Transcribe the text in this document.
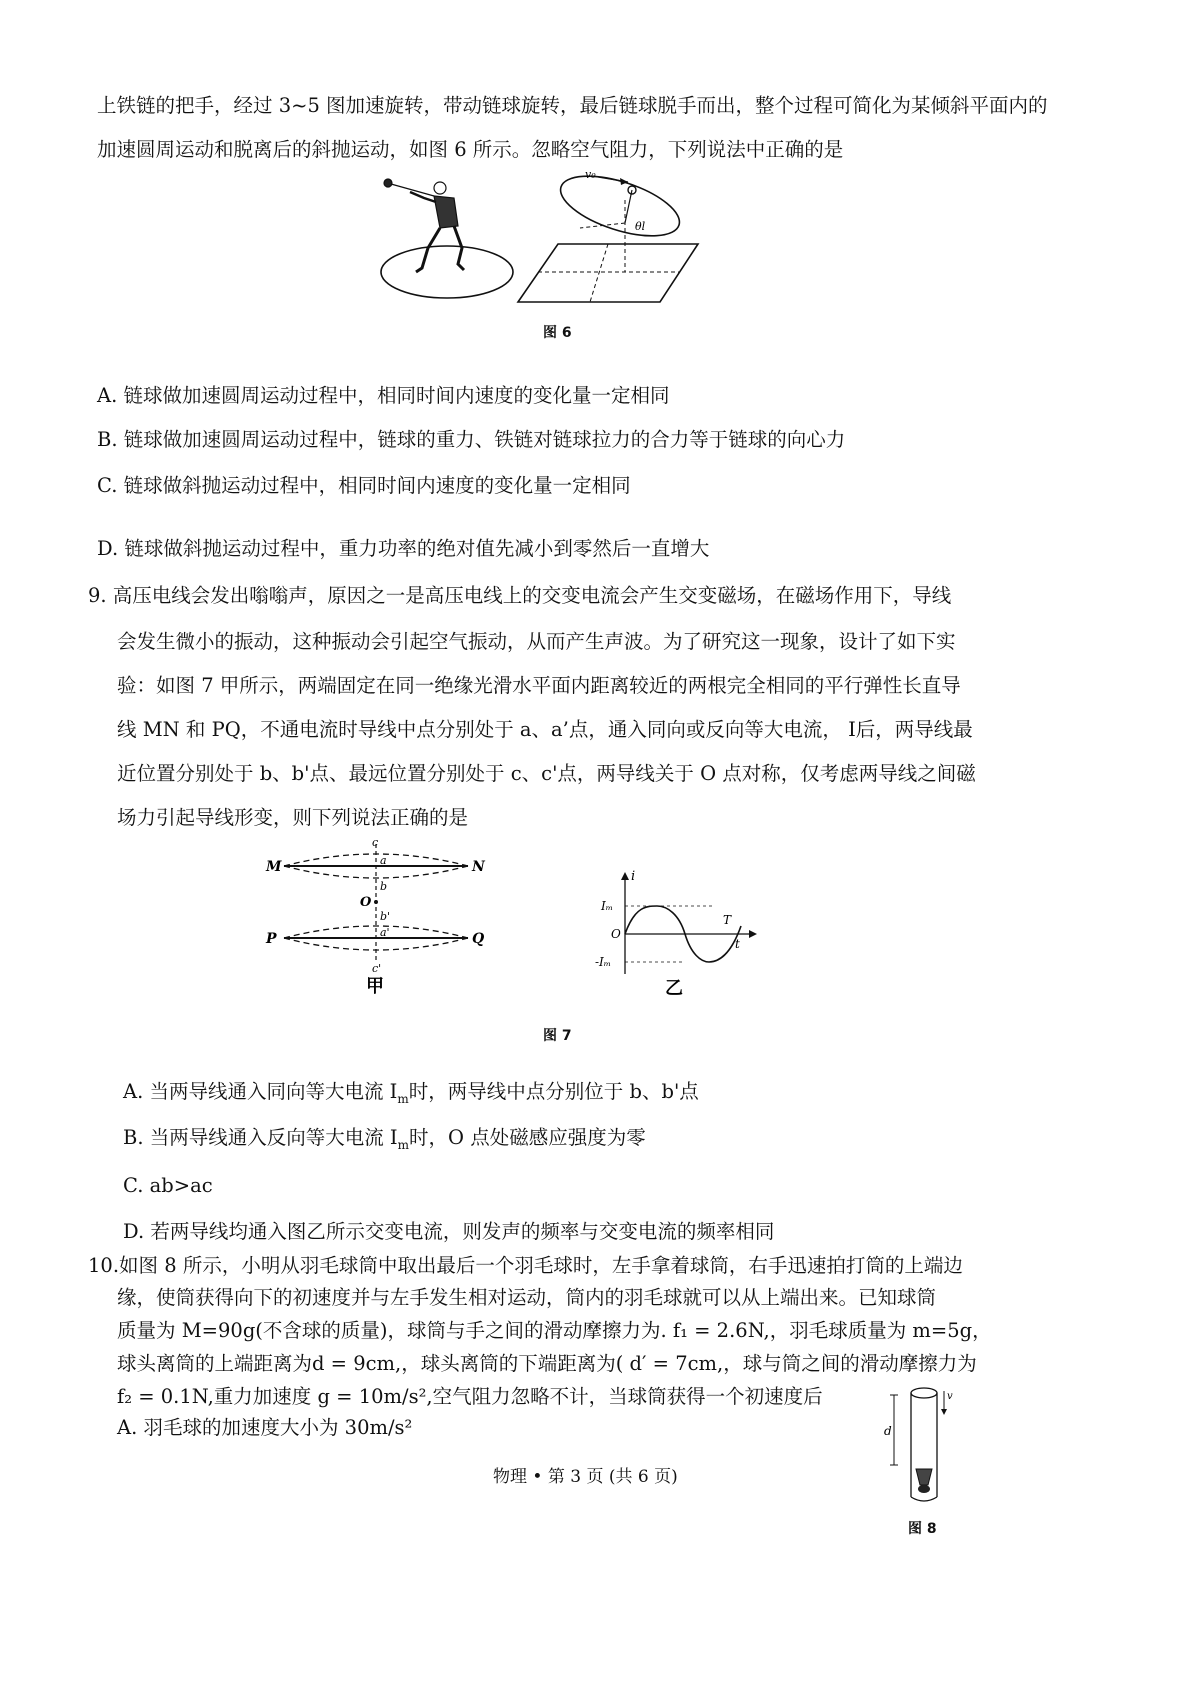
上铁链的把手，经过 3~5 图加速旋转，带动链球旋转，最后链球脱手而出，整个过程可简化为某倾斜平面内的
加速圆周运动和脱离后的斜抛运动，如图 6 所示。忽略空气阻力，下列说法中正确的是
v₀
θl
图 6
A. 链球做加速圆周运动过程中，相同时间内速度的变化量一定相同
B. 链球做加速圆周运动过程中，链球的重力、铁链对链球拉力的合力等于链球的向心力
C. 链球做斜抛运动过程中，相同时间内速度的变化量一定相同
D. 链球做斜抛运动过程中，重力功率的绝对值先减小到零然后一直增大
9. 高压电线会发出嗡嗡声，原因之一是高压电线上的交变电流会产生交变磁场，在磁场作用下，导线
会发生微小的振动，这种振动会引起空气振动，从而产生声波。为了研究这一现象，设计了如下实
验：如图 7 甲所示，两端固定在同一绝缘光滑水平面内距离较近的两根完全相同的平行弹性长直导
线 MN 和 PQ，不通电流时导线中点分别处于 a、a’点，通入同向或反向等大电流， I后，两导线最
近位置分别处于 b、b'点、最远位置分别处于 c、c'点，两导线关于 O 点对称，仅考虑两导线之间磁
场力引起导线形变，则下列说法正确的是
M	N
P	Q
c
a
b
O
b'
a'
c'
甲
i
Iₘ
O
-Iₘ
T
t
乙
图 7
A. 当两导线通入同向等大电流 $I_m$时，两导线中点分别位于 b、b'点
B. 当两导线通入反向等大电流 $I_m$时，O 点处磁感应强度为零
C. ab>ac
D. 若两导线均通入图乙所示交变电流，则发声的频率与交变电流的频率相同
10.如图 8 所示，小明从羽毛球筒中取出最后一个羽毛球时，左手拿着球筒，右手迅速拍打筒的上端边
缘，使筒获得向下的初速度并与左手发生相对运动，筒内的羽毛球就可以从上端出来。已知球筒
质量为 M=90g(不含球的质量)，球筒与手之间的滑动摩擦力为. f₁ = 2.6N,，羽毛球质量为 m=5g，
球头离筒的上端距离为d = 9cm,，球头离筒的下端距离为( d′ = 7cm,，球与筒之间的滑动摩擦力为
f₂ = 0.1N,重力加速度 g = 10m/s²,空气阻力忽略不计，当球筒获得一个初速度后
A. 羽毛球的加速度大小为 30m/s²	d
v
图 8
物理 • 第 3 页 (共 6 页)
